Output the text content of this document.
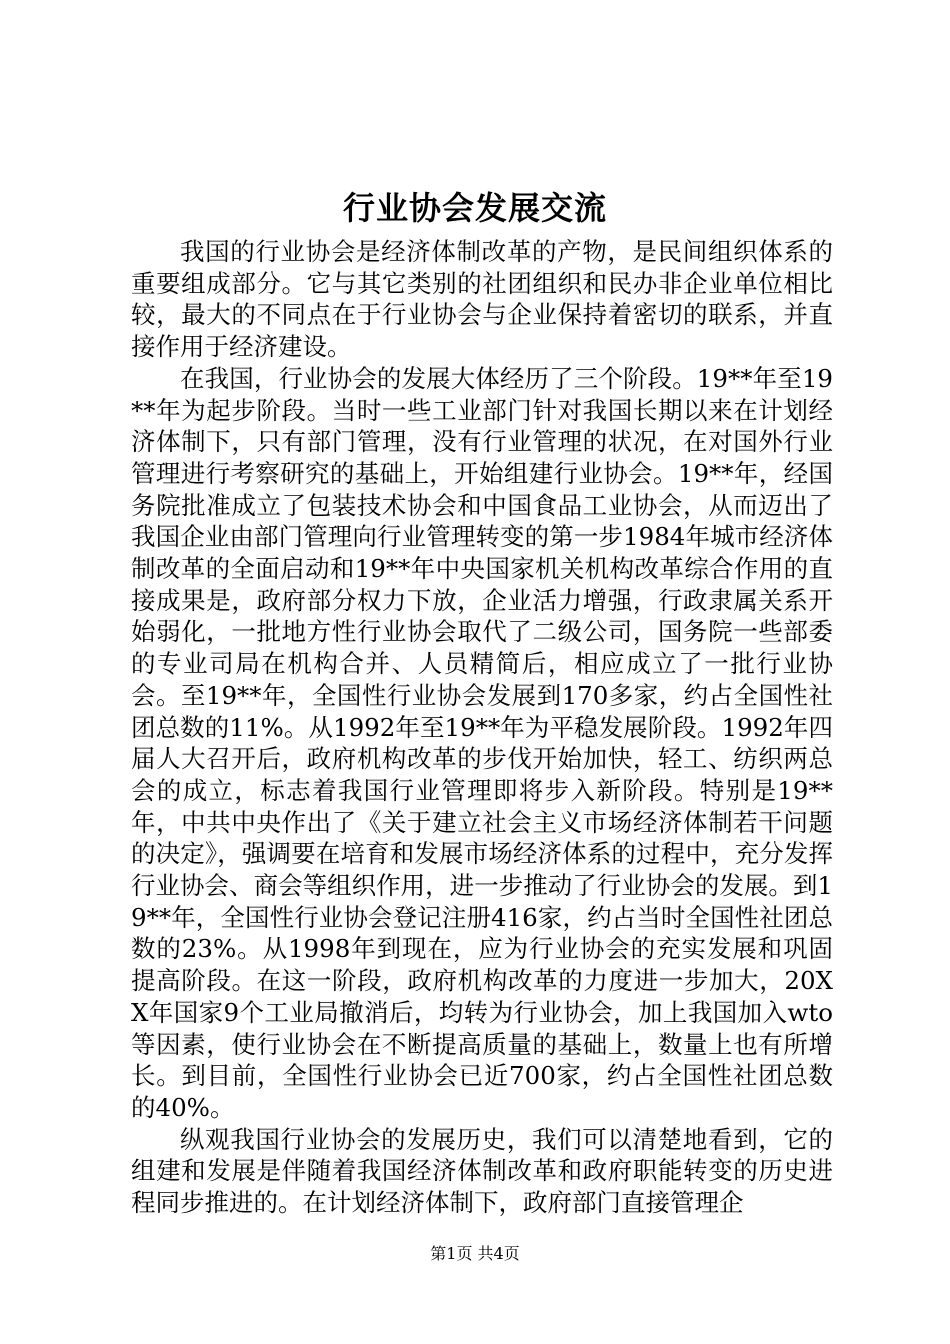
行业协会发展交流

我国的行业协会是经济体制改革的产物，是民间组织体系的重要组成部分。它与其它类别的社团组织和民办非企业单位相比较，最大的不同点在于行业协会与企业保持着密切的联系，并直接作用于经济建设。

在我国，行业协会的发展大体经历了三个阶段。19**年至19**年为起步阶段。当时一些工业部门针对我国长期以来在计划经济体制下，只有部门管理，没有行业管理的状况，在对国外行业管理进行考察研究的基础上，开始组建行业协会。19**年，经国务院批准成立了包装技术协会和中国食品工业协会，从而迈出了我国企业由部门管理向行业管理转变的第一步1984年城市经济体制改革的全面启动和19**年中央国家机关机构改革综合作用的直接成果是，政府部分权力下放，企业活力增强，行政隶属关系开始弱化，一批地方性行业协会取代了二级公司，国务院一些部委的专业司局在机构合并、人员精简后，相应成立了一批行业协会。至19**年，全国性行业协会发展到170多家，约占全国性社团总数的11%。从1992年至19**年为平稳发展阶段。1992年四届人大召开后，政府机构改革的步伐开始加快，轻工、纺织两总会的成立，标志着我国行业管理即将步入新阶段。特别是19**年，中共中央作出了《关于建立社会主义市场经济体制若干问题的决定》，强调要在培育和发展市场经济体系的过程中，充分发挥行业协会、商会等组织作用，进一步推动了行业协会的发展。到19**年，全国性行业协会登记注册416家，约占当时全国性社团总数的23%。从1998年到现在，应为行业协会的充实发展和巩固提高阶段。在这一阶段，政府机构改革的力度进一步加大，20XX年国家9个工业局撤消后，均转为行业协会，加上我国加入wto等因素，使行业协会在不断提高质量的基础上，数量上也有所增长。到目前，全国性行业协会已近700家，约占全国性社团总数的40%。

纵观我国行业协会的发展历史，我们可以清楚地看到，它的组建和发展是伴随着我国经济体制改革和政府职能转变的历史进程同步推进的。在计划经济体制下，政府部门直接管理企

第1页 共4页
